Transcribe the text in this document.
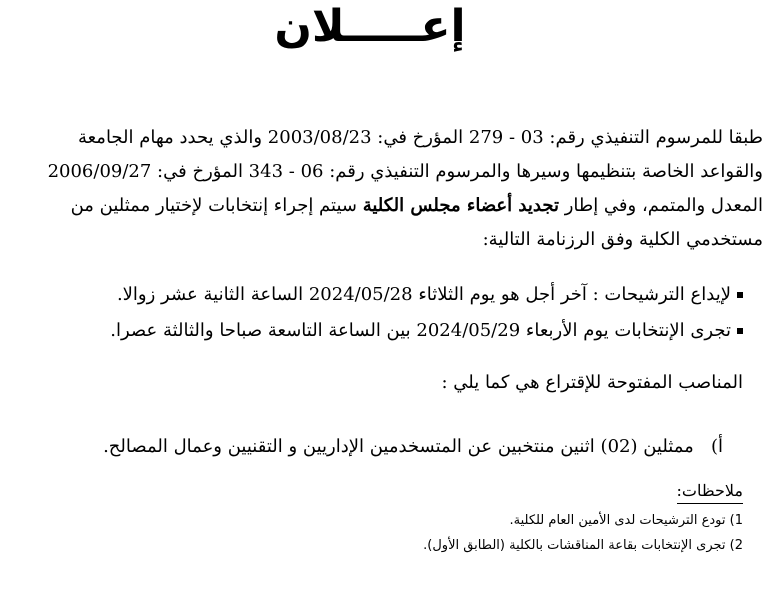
إعـــــلان
طبقا للمرسوم التنفيذي رقم: 03 - 279 المؤرخ في: 2003/08/23 والذي يحدد مهام الجامعة
والقواعد الخاصة بتنظيمها وسيرها والمرسوم التنفيذي رقم: 06 - 343 المؤرخ في: 2006/09/27
المعدل والمتمم، وفي إطار تجديد أعضاء مجلس الكلية سيتم إجراء إنتخابات لإختيار ممثلين من
مستخدمي الكلية وفق الرزنامة التالية:
لإيداع الترشيحات : آخر أجل هو يوم الثلاثاء 2024/05/28 الساعة الثانية عشر زوالا.
تجرى الإنتخابات يوم الأربعاء 2024/05/29 بين الساعة التاسعة صباحا والثالثة عصرا.
المناصب المفتوحة للإقتراع هي كما يلي :
أ)   ممثلين (02) اثنين منتخبين عن المتسخدمين الإداريين و التقنيين وعمال المصالح.
ملاحظات:
1) تودع الترشيحات لدى الأمين العام للكلية.
2) تجرى الإنتخابات بقاعة المناقشات بالكلية (الطابق الأول).
